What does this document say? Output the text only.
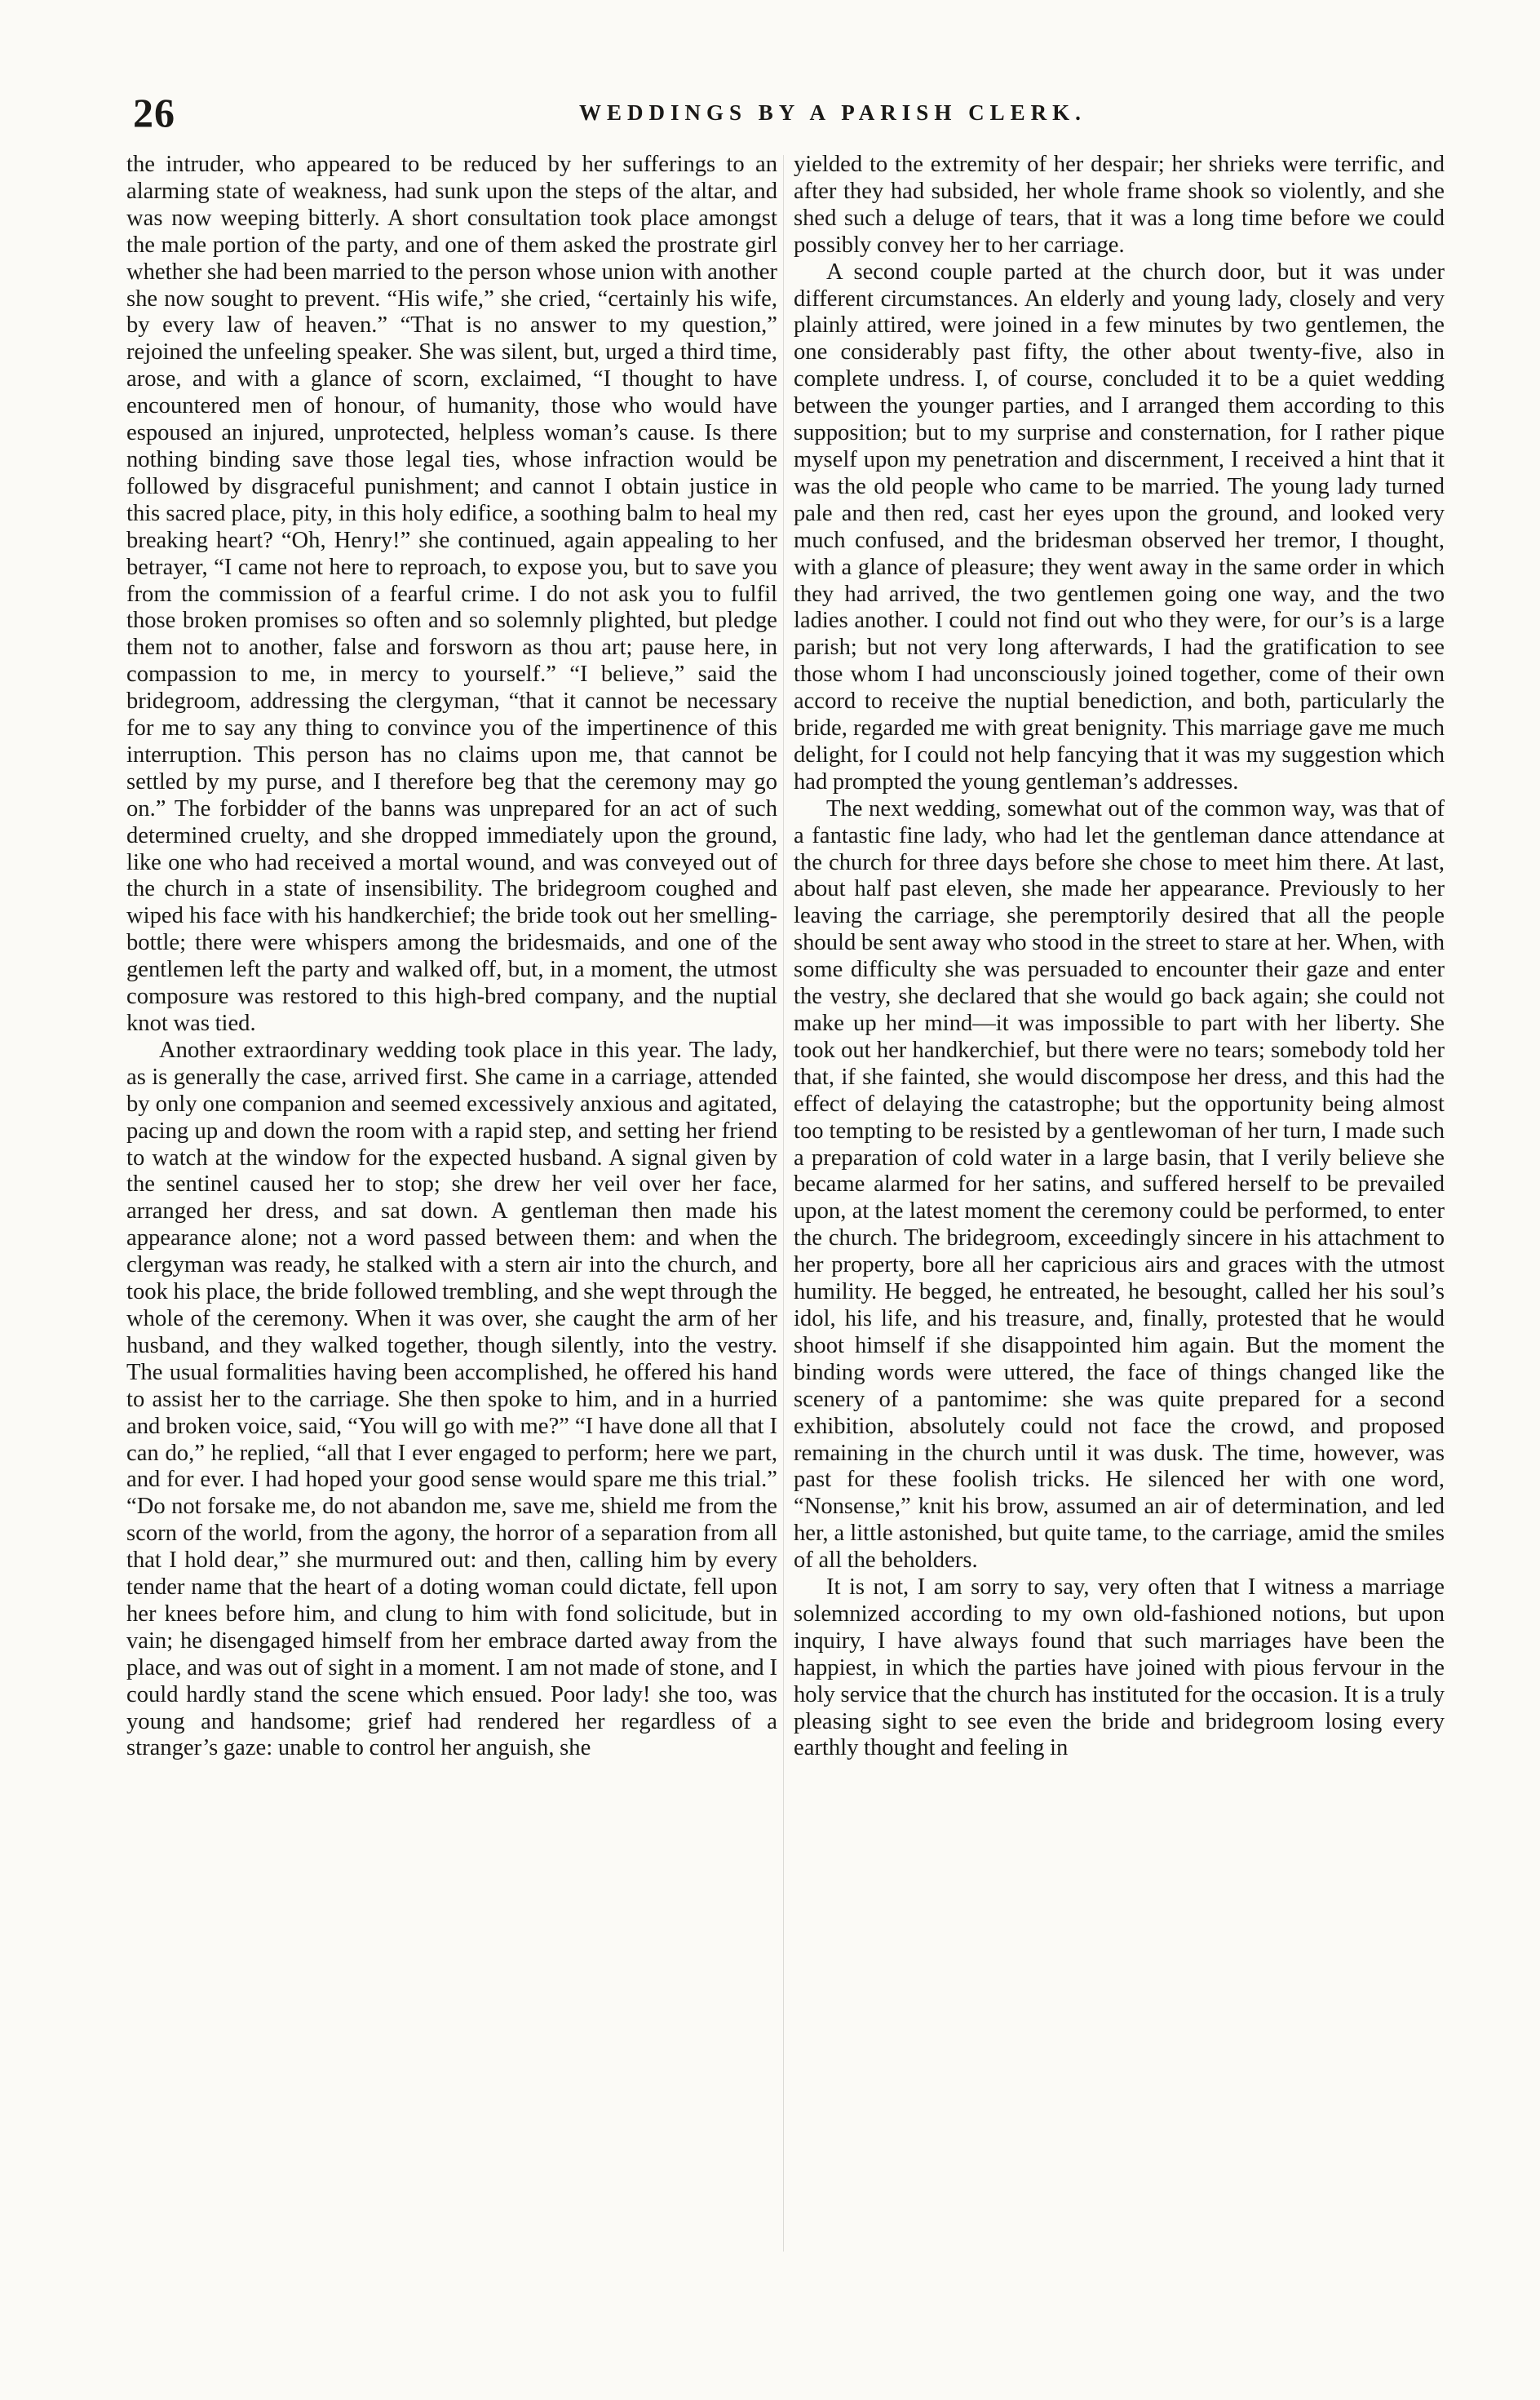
26	WEDDINGS BY A PARISH CLERK.

the intruder, who appeared to be reduced by her sufferings to an alarming state of weakness, had sunk upon the steps of the altar, and was now weeping bitterly. A short consultation took place amongst the male portion of the party, and one of them asked the prostrate girl whether she had been married to the person whose union with another she now sought to prevent. “His wife,” she cried, “certainly his wife, by every law of heaven.” “That is no answer to my question,” rejoined the unfeeling speaker. She was silent, but, urged a third time, arose, and with a glance of scorn, exclaimed, “I thought to have encountered men of honour, of humanity, those who would have espoused an injured, unprotected, helpless woman’s cause. Is there nothing binding save those legal ties, whose infraction would be followed by disgraceful punishment; and cannot I obtain justice in this sacred place, pity, in this holy edifice, a soothing balm to heal my breaking heart? “Oh, Henry!” she continued, again appealing to her betrayer, “I came not here to reproach, to expose you, but to save you from the commission of a fearful crime. I do not ask you to fulfil those broken promises so often and so solemnly plighted, but pledge them not to another, false and forsworn as thou art; pause here, in compassion to me, in mercy to yourself.” “I believe,” said the bridegroom, addressing the clergyman, “that it cannot be necessary for me to say any thing to convince you of the impertinence of this interruption. This person has no claims upon me, that cannot be settled by my purse, and I therefore beg that the ceremony may go on.” The forbidder of the banns was unprepared for an act of such determined cruelty, and she dropped immediately upon the ground, like one who had received a mortal wound, and was conveyed out of the church in a state of insensibility. The bridegroom coughed and wiped his face with his handkerchief; the bride took out her smelling-bottle; there were whispers among the bridesmaids, and one of the gentlemen left the party and walked off, but, in a moment, the utmost composure was restored to this high-bred company, and the nuptial knot was tied.

Another extraordinary wedding took place in this year. The lady, as is generally the case, arrived first. She came in a carriage, attended by only one companion and seemed excessively anxious and agitated, pacing up and down the room with a rapid step, and setting her friend to watch at the window for the expected husband. A signal given by the sentinel caused her to stop; she drew her veil over her face, arranged her dress, and sat down. A gentleman then made his appearance alone; not a word passed between them: and when the clergyman was ready, he stalked with a stern air into the church, and took his place, the bride followed trembling, and she wept through the whole of the ceremony. When it was over, she caught the arm of her husband, and they walked together, though silently, into the vestry. The usual formalities having been accomplished, he offered his hand to assist her to the carriage. She then spoke to him, and in a hurried and broken voice, said, “You will go with me?” “I have done all that I can do,” he replied, “all that I ever engaged to perform; here we part, and for ever. I had hoped your good sense would spare me this trial.” “Do not forsake me, do not abandon me, save me, shield me from the scorn of the world, from the agony, the horror of a separation from all that I hold dear,” she murmured out: and then, calling him by every tender name that the heart of a doting woman could dictate, fell upon her knees before him, and clung to him with fond solicitude, but in vain; he disengaged himself from her embrace darted away from the place, and was out of sight in a moment. I am not made of stone, and I could hardly stand the scene which ensued. Poor lady! she too, was young and handsome; grief had rendered her regardless of a stranger’s gaze: unable to control her anguish, she

yielded to the extremity of her despair; her shrieks were terrific, and after they had subsided, her whole frame shook so violently, and she shed such a deluge of tears, that it was a long time before we could possibly convey her to her carriage.

A second couple parted at the church door, but it was under different circumstances. An elderly and young lady, closely and very plainly attired, were joined in a few minutes by two gentlemen, the one considerably past fifty, the other about twenty-five, also in complete undress. I, of course, concluded it to be a quiet wedding between the younger parties, and I arranged them according to this supposition; but to my surprise and consternation, for I rather pique myself upon my penetration and discernment, I received a hint that it was the old people who came to be married. The young lady turned pale and then red, cast her eyes upon the ground, and looked very much confused, and the bridesman observed her tremor, I thought, with a glance of pleasure; they went away in the same order in which they had arrived, the two gentlemen going one way, and the two ladies another. I could not find out who they were, for our’s is a large parish; but not very long afterwards, I had the gratification to see those whom I had unconsciously joined together, come of their own accord to receive the nuptial benediction, and both, particularly the bride, regarded me with great benignity. This marriage gave me much delight, for I could not help fancying that it was my suggestion which had prompted the young gentleman’s addresses.

The next wedding, somewhat out of the common way, was that of a fantastic fine lady, who had let the gentleman dance attendance at the church for three days before she chose to meet him there. At last, about half past eleven, she made her appearance. Previously to her leaving the carriage, she peremptorily desired that all the people should be sent away who stood in the street to stare at her. When, with some difficulty she was persuaded to encounter their gaze and enter the vestry, she declared that she would go back again; she could not make up her mind—it was impossible to part with her liberty. She took out her handkerchief, but there were no tears; somebody told her that, if she fainted, she would discompose her dress, and this had the effect of delaying the catastrophe; but the opportunity being almost too tempting to be resisted by a gentlewoman of her turn, I made such a preparation of cold water in a large basin, that I verily believe she became alarmed for her satins, and suffered herself to be prevailed upon, at the latest moment the ceremony could be performed, to enter the church. The bridegroom, exceedingly sincere in his attachment to her property, bore all her capricious airs and graces with the utmost humility. He begged, he entreated, he besought, called her his soul’s idol, his life, and his treasure, and, finally, protested that he would shoot himself if she disappointed him again. But the moment the binding words were uttered, the face of things changed like the scenery of a pantomime: she was quite prepared for a second exhibition, absolutely could not face the crowd, and proposed remaining in the church until it was dusk. The time, however, was past for these foolish tricks. He silenced her with one word, “Nonsense,” knit his brow, assumed an air of determination, and led her, a little astonished, but quite tame, to the carriage, amid the smiles of all the beholders.

It is not, I am sorry to say, very often that I witness a marriage solemnized according to my own old-fashioned notions, but upon inquiry, I have always found that such marriages have been the happiest, in which the parties have joined with pious fervour in the holy service that the church has instituted for the occasion. It is a truly pleasing sight to see even the bride and bridegroom losing every earthly thought and feeling in
